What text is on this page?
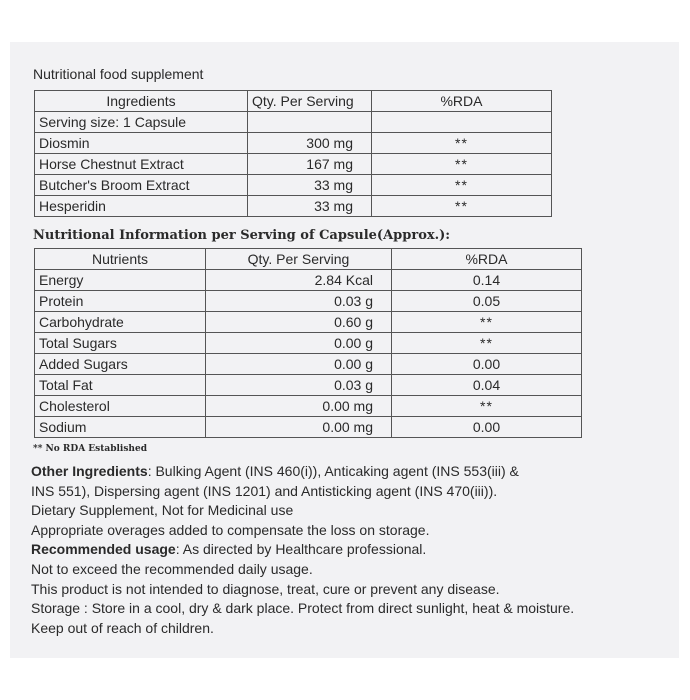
Nutritional food supplement
Ingredients	Qty. Per Serving	%RDA
Serving size: 1 Capsule		
Diosmin	300 mg	**
Horse Chestnut Extract	167 mg	**
Butcher's Broom Extract	33 mg	**
Hesperidin	33 mg	**
Nutritional Information per Serving of Capsule(Approx.):
Nutrients	Qty. Per Serving	%RDA
Energy	2.84 Kcal	0.14
Protein	0.03 g	0.05
Carbohydrate	0.60 g	**
Total Sugars	0.00 g	**
Added Sugars	0.00 g	0.00
Total Fat	0.03 g	0.04
Cholesterol	0.00 mg	**
Sodium	0.00 mg	0.00
** No RDA Established

Other Ingredients: Bulking Agent (INS 460(i)), Anticaking agent (INS 553(iii) &

INS 551), Dispersing agent (INS 1201) and Antisticking agent (INS 470(iii)).

Dietary Supplement, Not for Medicinal use

Appropriate overages added to compensate the loss on storage.

Recommended usage: As directed by Healthcare professional.

Not to exceed the recommended daily usage.

This product is not intended to diagnose, treat, cure or prevent any disease.

Storage : Store in a cool, dry & dark place. Protect from direct sunlight, heat & moisture.

Keep out of reach of children.
